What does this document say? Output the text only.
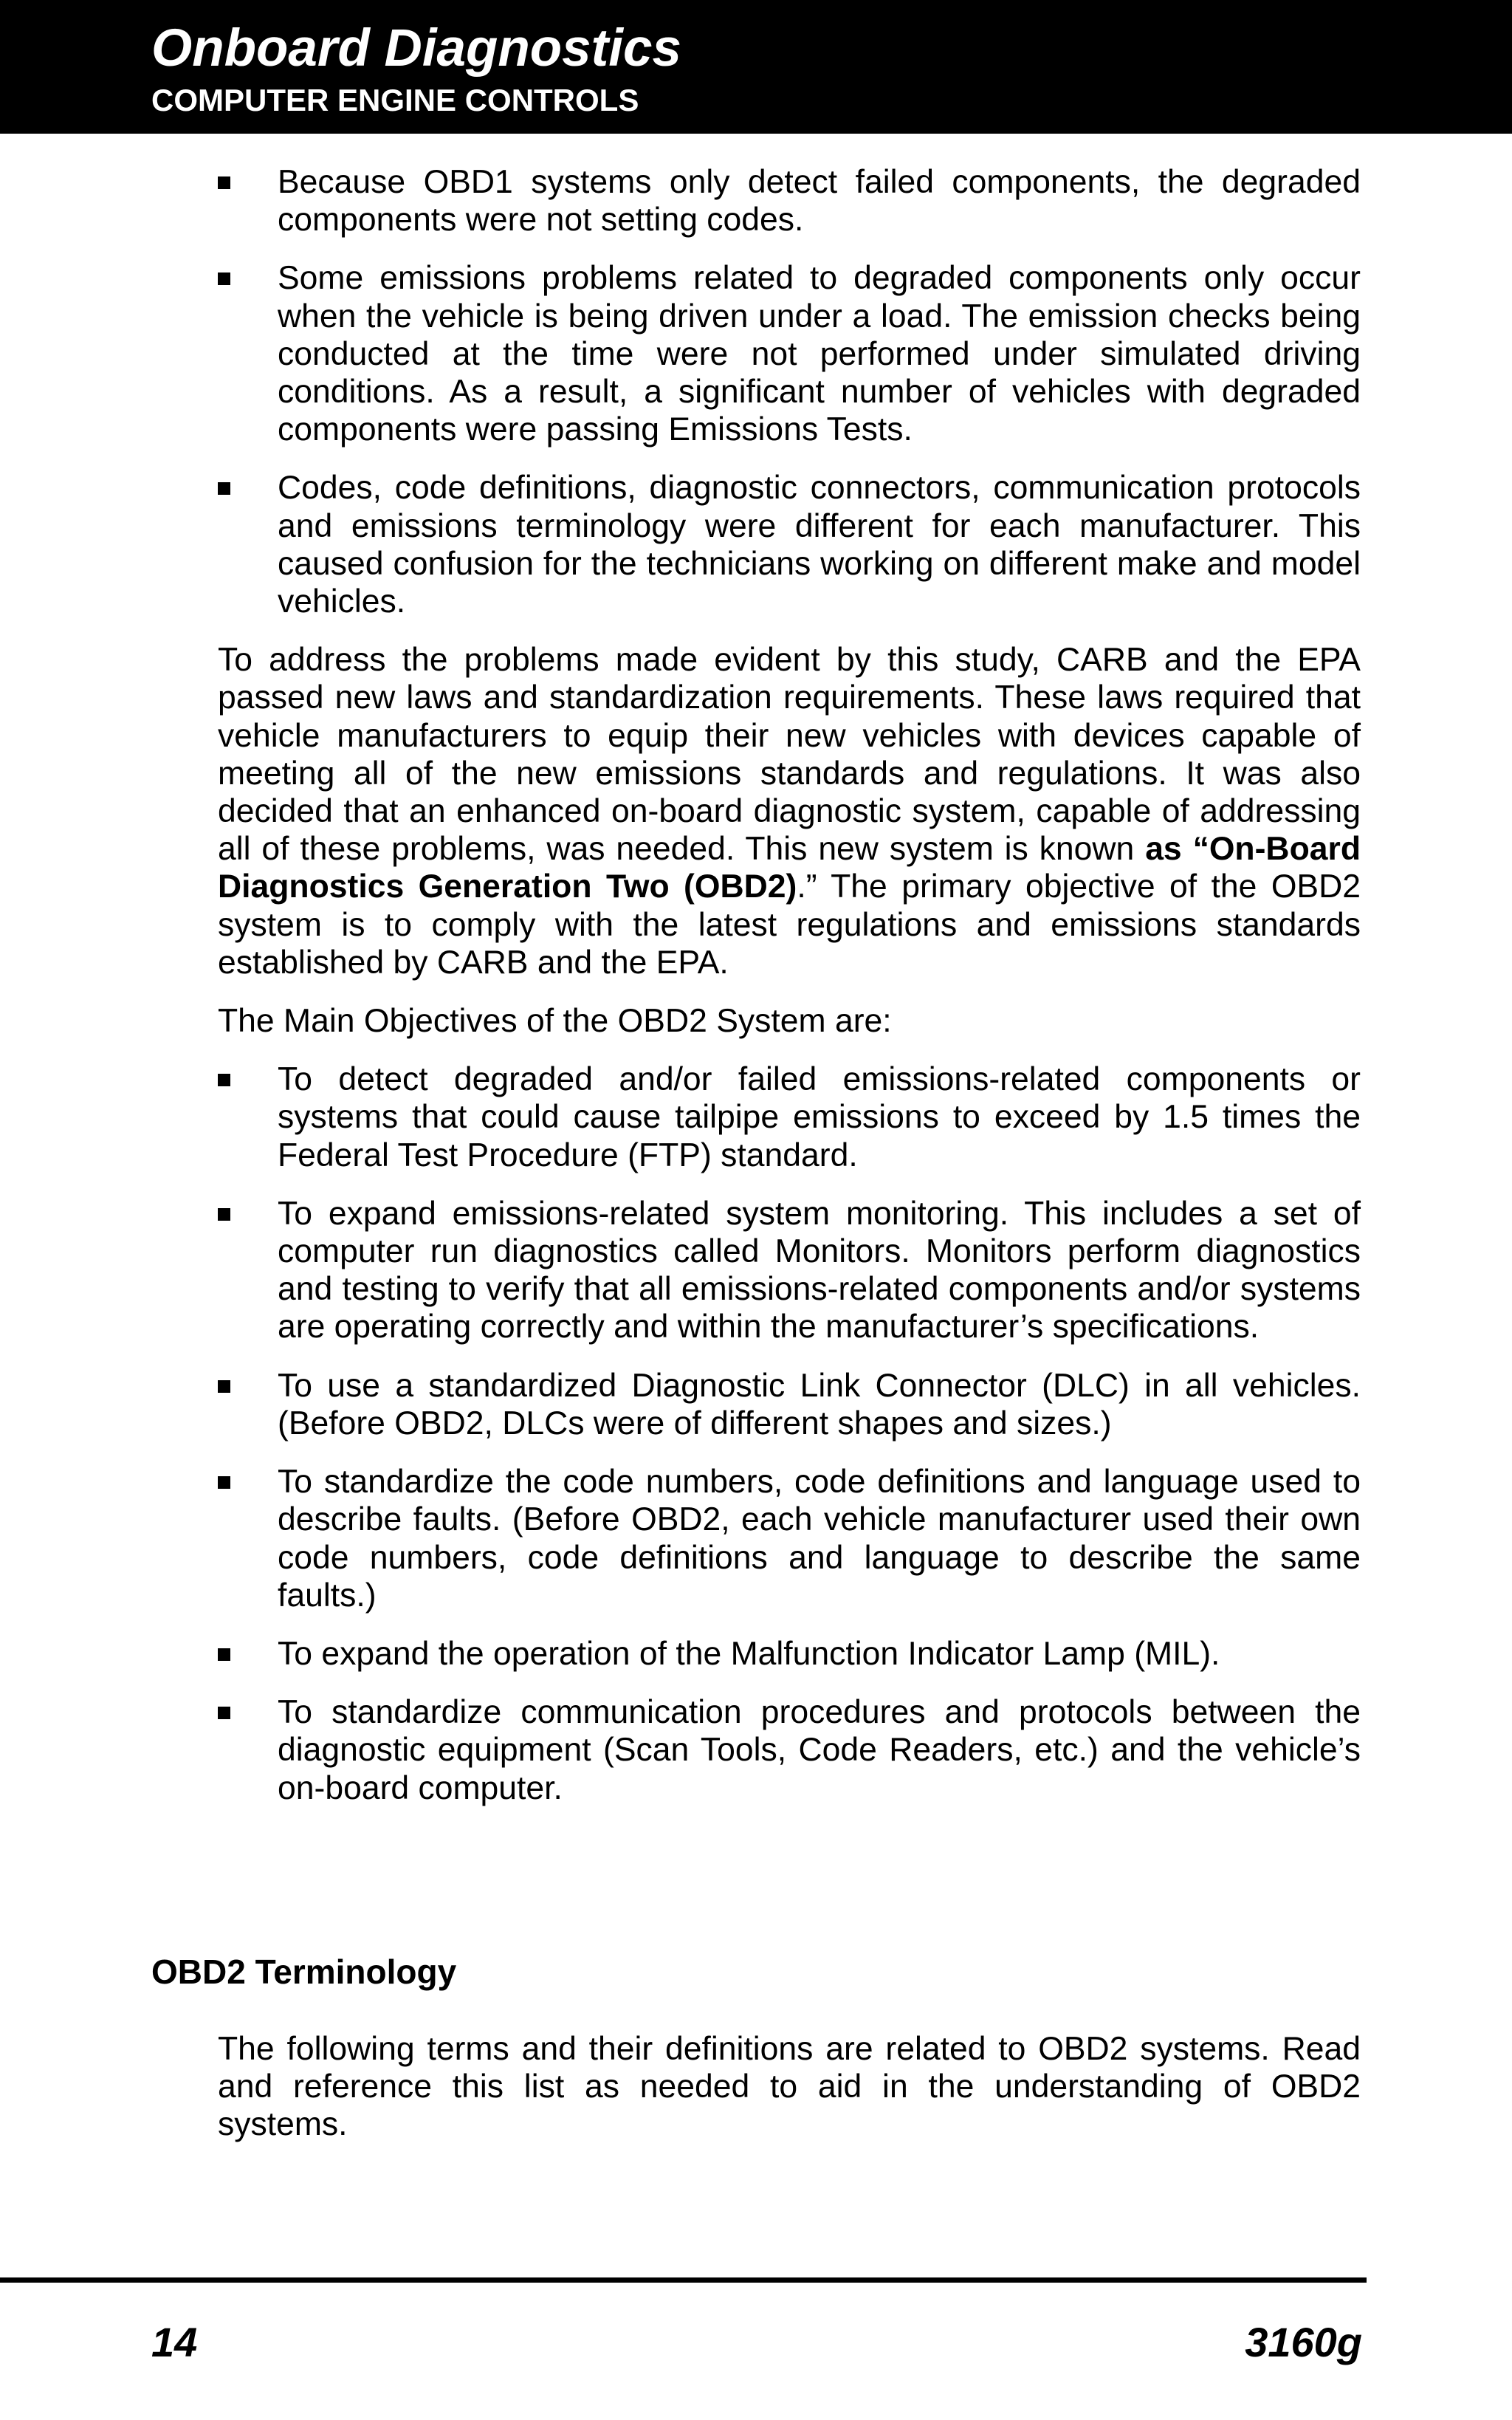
Onboard Diagnostics
COMPUTER ENGINE CONTROLS
Because OBD1 systems only detect failed components, the degraded components were not setting codes.
Some emissions problems related to degraded components only occur when the vehicle is being driven under a load. The emission checks being conducted at the time were not performed under simulated driving conditions. As a result, a significant number of vehicles with degraded components were passing Emissions Tests.
Codes, code definitions, diagnostic connectors, communication protocols and emissions terminology were different for each manufacturer. This caused confusion for the technicians working on different make and model vehicles.
To address the problems made evident by this study, CARB and the EPA passed new laws and standardization requirements. These laws required that vehicle manufacturers to equip their new vehicles with devices capable of meeting all of the new emissions standards and regulations. It was also decided that an enhanced on-board diagnostic system, capable of addressing all of these problems, was needed. This new system is known as “On-Board Diagnostics Generation Two (OBD2).” The primary objective of the OBD2 system is to comply with the latest regulations and emissions standards established by CARB and the EPA.
The Main Objectives of the OBD2 System are:
To detect degraded and/or failed emissions-related components or systems that could cause tailpipe emissions to exceed by 1.5 times the Federal Test Procedure (FTP) standard.
To expand emissions-related system monitoring. This includes a set of computer run diagnostics called Monitors. Monitors perform diagnostics and testing to verify that all emissions-related components and/or systems are operating correctly and within the manufacturer’s specifications.
To use a standardized Diagnostic Link Connector (DLC) in all vehicles. (Before OBD2, DLCs were of different shapes and sizes.)
To standardize the code numbers, code definitions and language used to describe faults. (Before OBD2, each vehicle manufacturer used their own code numbers, code definitions and language to describe the same faults.)
To expand the operation of the Malfunction Indicator Lamp (MIL).
To standardize communication procedures and protocols between the diagnostic equipment (Scan Tools, Code Readers, etc.) and the vehicle’s on-board computer.
OBD2 Terminology
The following terms and their definitions are related to OBD2 systems. Read and reference this list as needed to aid in the understanding of OBD2 systems.
14	3160g
